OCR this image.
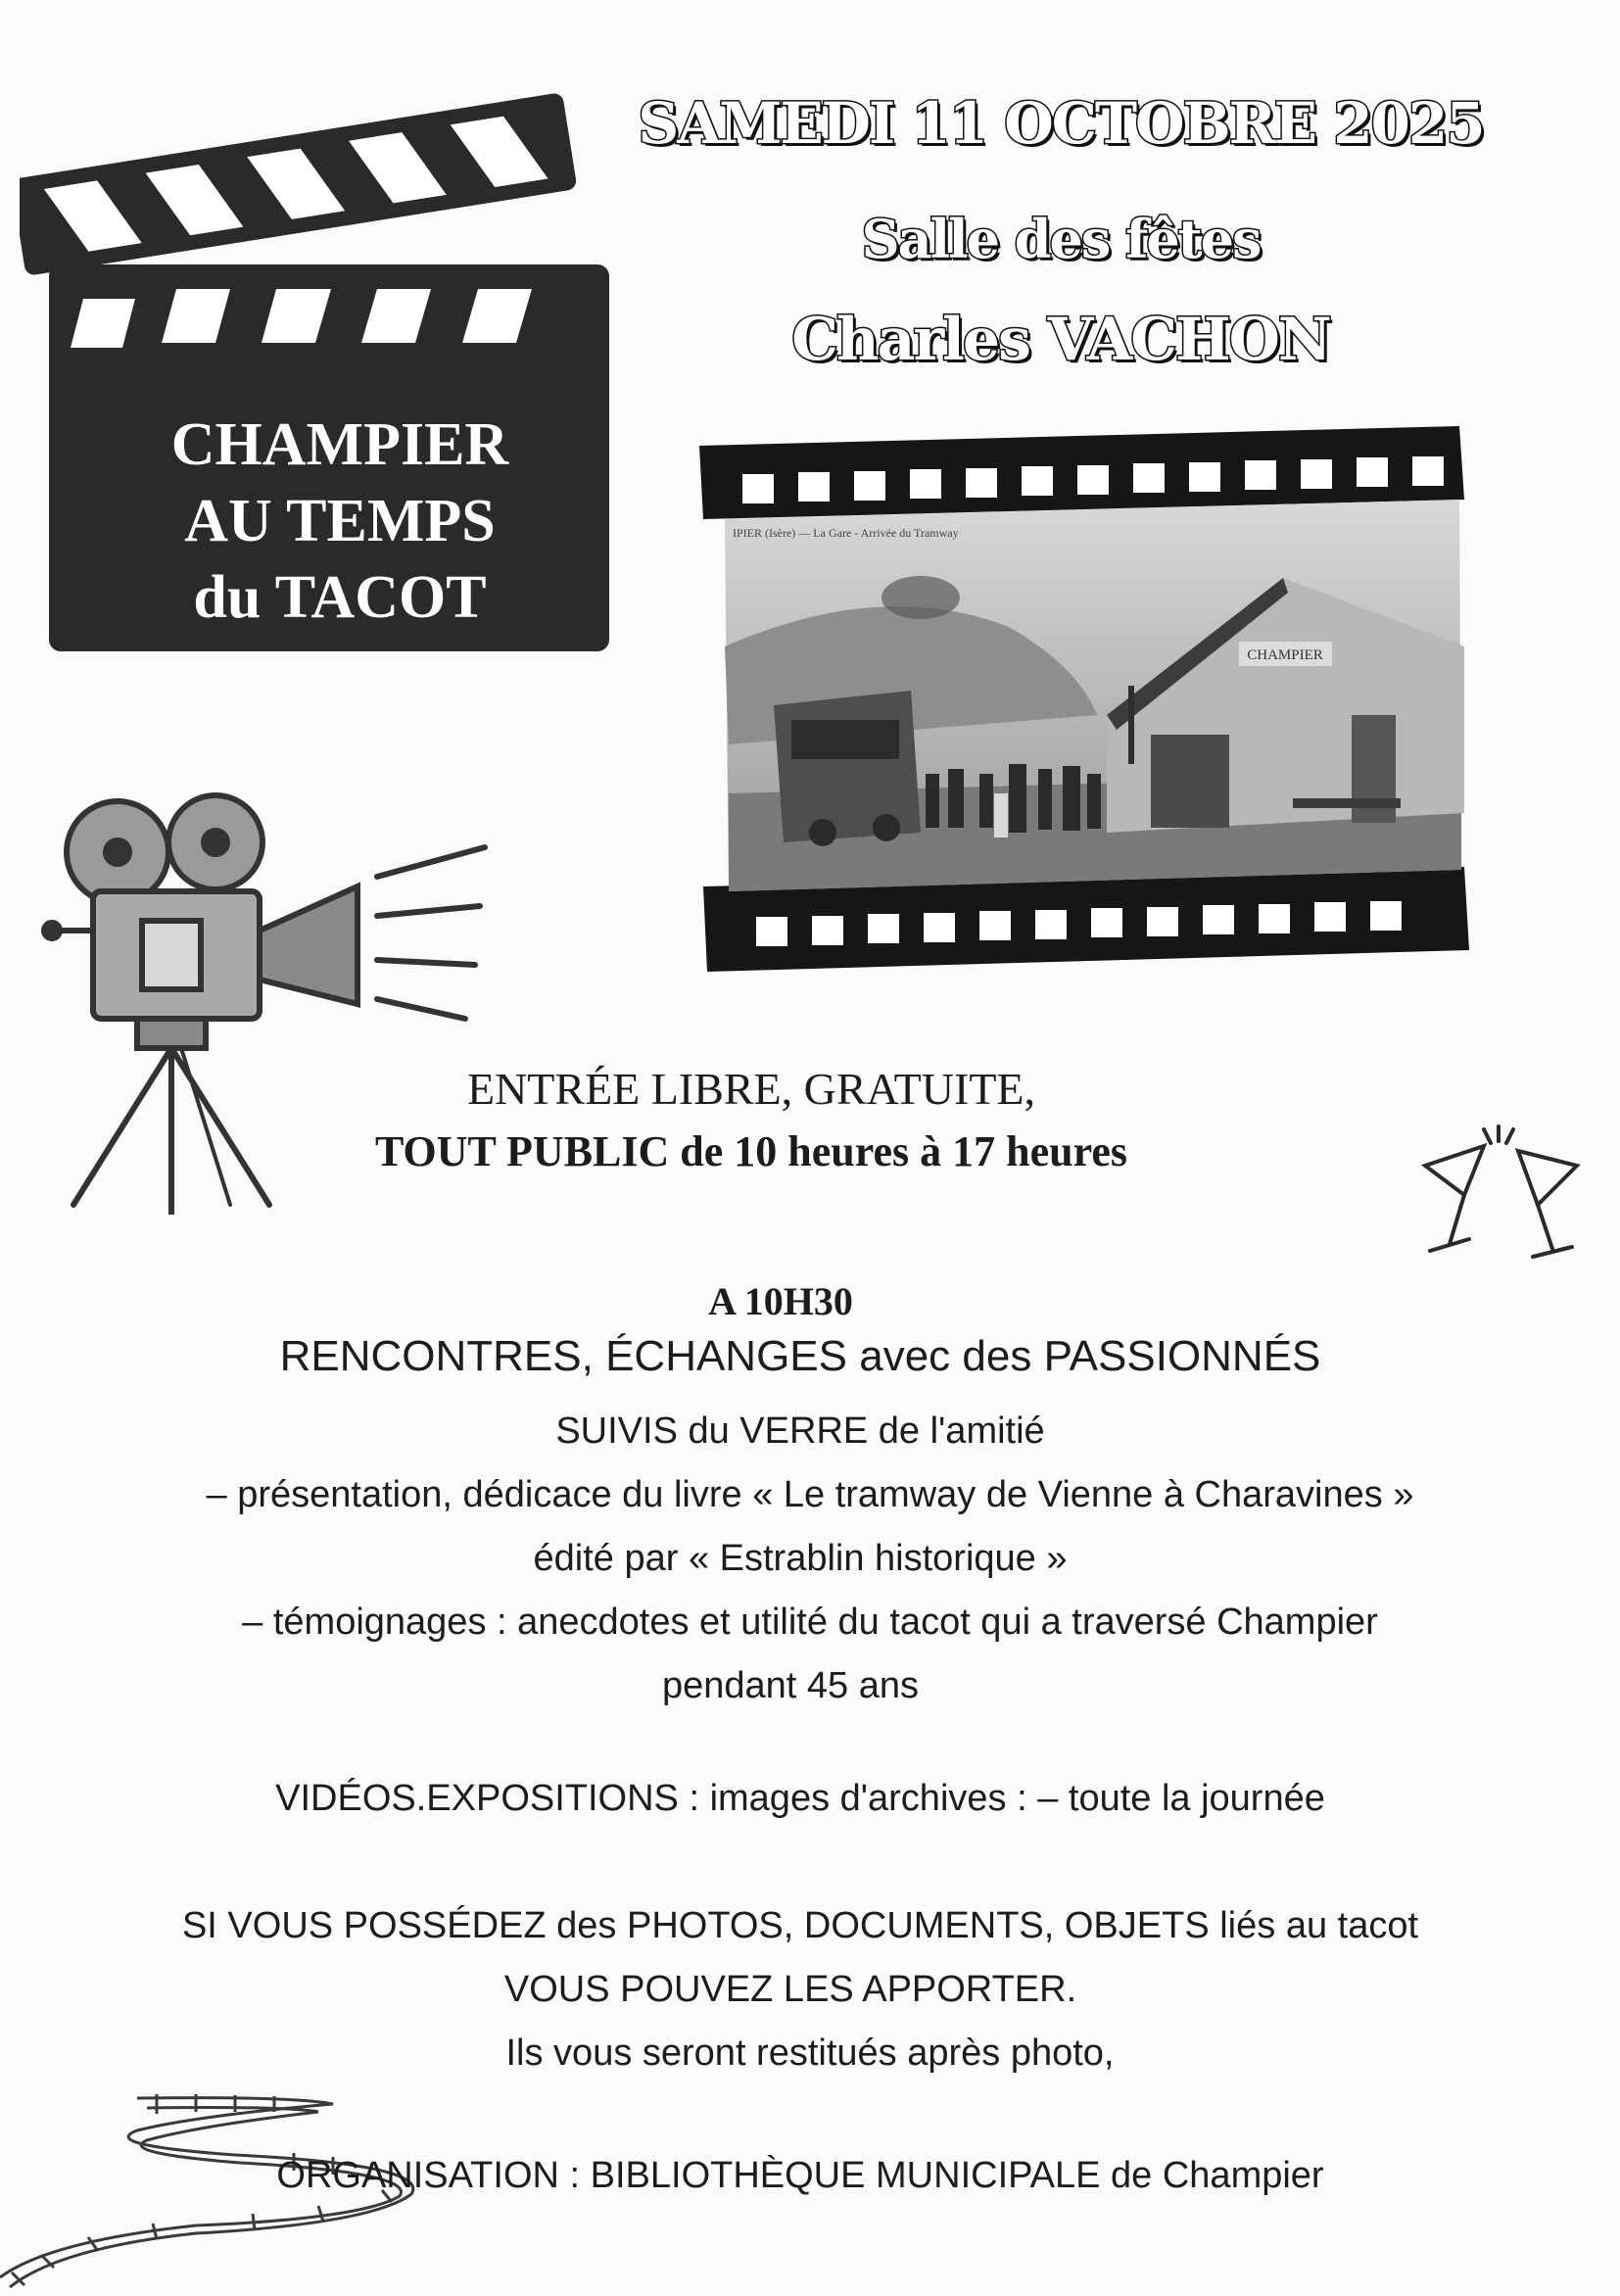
CHAMPIER
AU TEMPS
du TACOT
SAMEDI 11 OCTOBRE 2025
Salle des fêtes
Charles VACHON
CHAMPIER
IPIER (Isère) — La Gare - Arrivée du Tramway
ENTRÉE LIBRE, GRATUITE,
TOUT PUBLIC de 10 heures à 17 heures
A 10H30
RENCONTRES, ÉCHANGES avec des PASSIONNÉS
SUIVIS du VERRE de l'amitié
– présentation, dédicace du livre « Le tramway de Vienne à Charavines »
édité par « Estrablin historique »
– témoignages : anecdotes et utilité du tacot qui a traversé Champier
pendant 45 ans
VIDÉOS.EXPOSITIONS : images d'archives : – toute la journée
SI VOUS POSSÉDEZ des PHOTOS, DOCUMENTS, OBJETS liés au tacot
VOUS POUVEZ LES APPORTER.
Ils vous seront restitués après photo,
ORGANISATION : BIBLIOTHÈQUE MUNICIPALE de Champier
